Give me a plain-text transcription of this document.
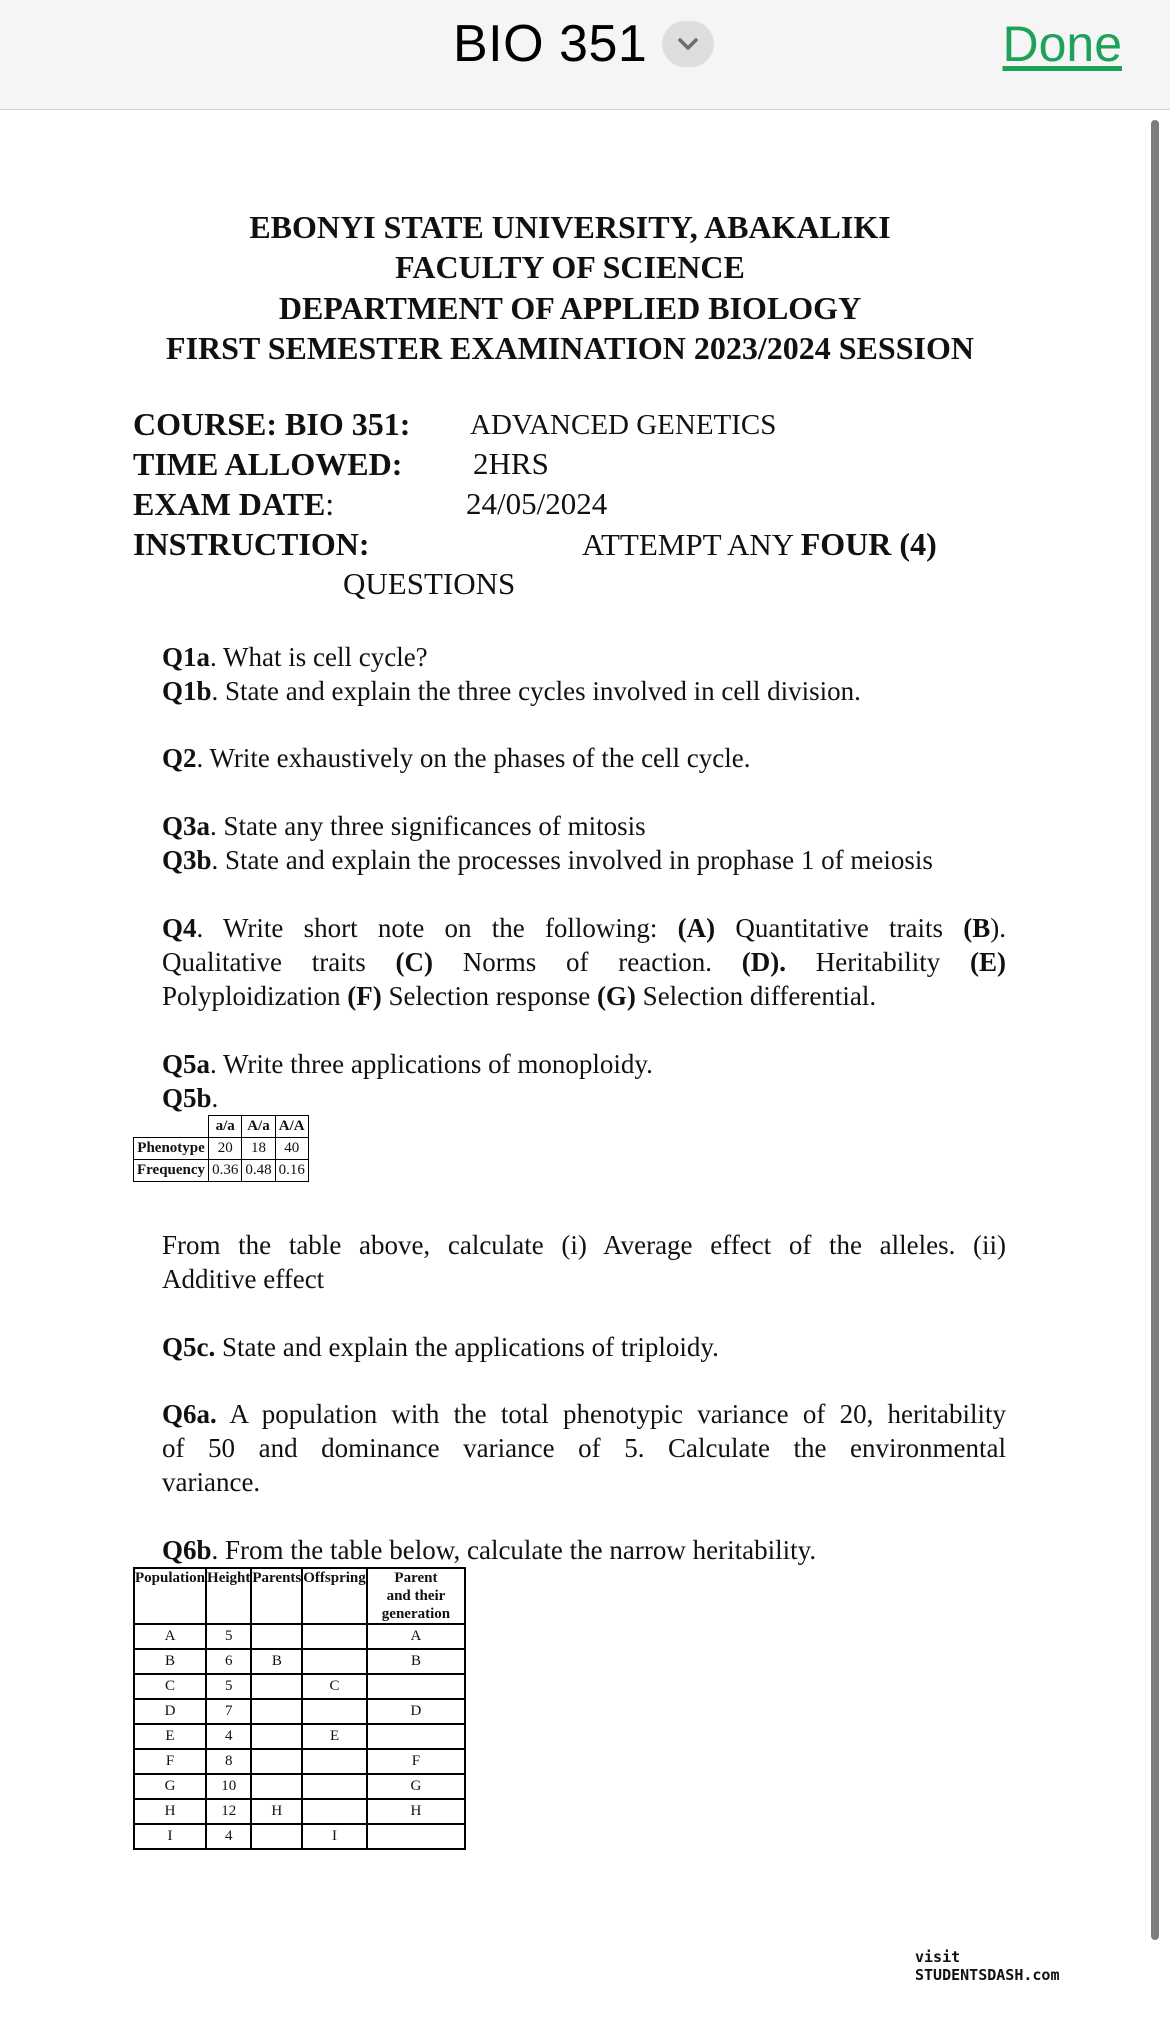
BIO 351	Done
EBONYI STATE UNIVERSITY, ABAKALIKI
FACULTY OF SCIENCE
DEPARTMENT OF APPLIED BIOLOGY
FIRST SEMESTER EXAMINATION 2023/2024 SESSION
COURSE: BIO 351: ADVANCED GENETICS
TIME ALLOWED: 2HRS
EXAM DATE:	24/05/2024
INSTRUCTION:	ATTEMPT ANY FOUR (4)
QUESTIONS
Q1a. What is cell cycle?
Q1b. State and explain the three cycles involved in cell division.
Q2. Write exhaustively on the phases of the cell cycle.
Q3a. State any three significances of mitosis
Q3b. State and explain the processes involved in prophase 1 of meiosis
Q4. Write short note on the following: (A) Quantitative traits (B).
Qualitative traits (C) Norms of reaction. (D). Heritability (E)
Polyploidization (F) Selection response (G) Selection differential.
Q5a. Write three applications of monoploidy.
Q5b.
	a/a	A/a	A/A
Phenotype	20	18	40
Frequency	0.36	0.48	0.16
From the table above, calculate (i) Average effect of the alleles. (ii)
Additive effect
Q5c. State and explain the applications of triploidy.
Q6a. A population with the total phenotypic variance of 20, heritability
of 50 and dominance variance of 5. Calculate the environmental
variance.
Q6b. From the table below, calculate the narrow heritability.
Population	Height	Parents	Offspring	Parent and their generation
A	5			A
B	6	B		B
C	5		C	
D	7			D
E	4		E	
F	8			F
G	10			G
H	12	H		H
I	4		I	
visit STUDENTSDASH.com
